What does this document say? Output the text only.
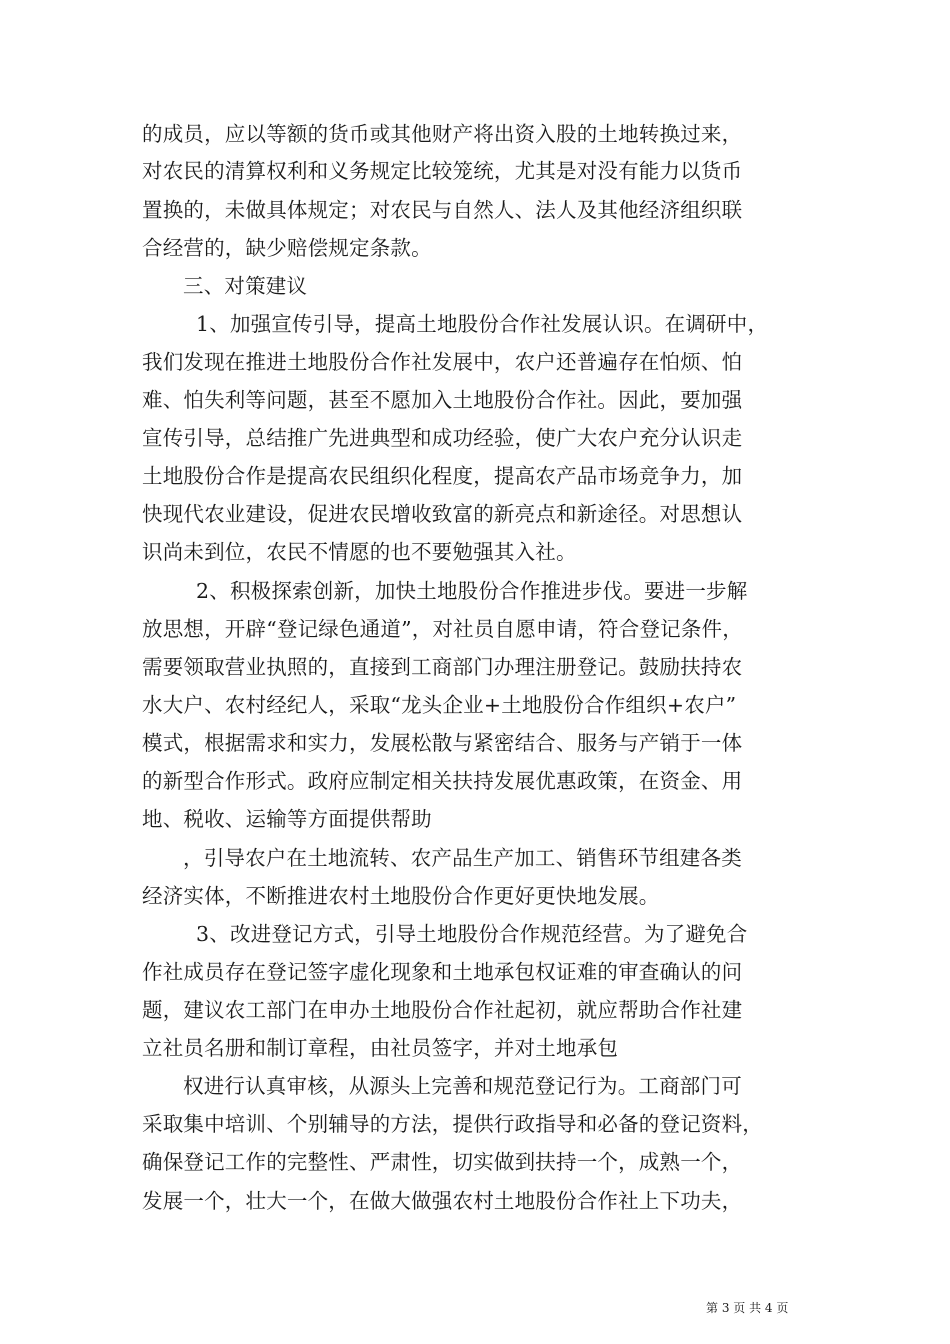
的成员，应以等额的货币或其他财产将出资入股的土地转换过来，
对农民的清算权利和义务规定比较笼统，尤其是对没有能力以货币
置换的，未做具体规定；对农民与自然人、法人及其他经济组织联
合经营的，缺少赔偿规定条款。
三、对策建议
1、加强宣传引导，提高土地股份合作社发展认识。在调研中，
我们发现在推进土地股份合作社发展中，农户还普遍存在怕烦、怕
难、怕失利等问题，甚至不愿加入土地股份合作社。因此，要加强
宣传引导，总结推广先进典型和成功经验，使广大农户充分认识走
土地股份合作是提高农民组织化程度，提高农产品市场竞争力，加
快现代农业建设，促进农民增收致富的新亮点和新途径。对思想认
识尚未到位，农民不情愿的也不要勉强其入社。
2、积极探索创新，加快土地股份合作推进步伐。要进一步解
放思想，开辟“登记绿色通道”，对社员自愿申请，符合登记条件，
需要领取营业执照的，直接到工商部门办理注册登记。鼓励扶持农
水大户、农村经纪人，采取“龙头企业+土地股份合作组织+农户”
模式，根据需求和实力，发展松散与紧密结合、服务与产销于一体
的新型合作形式。政府应制定相关扶持发展优惠政策，在资金、用
地、税收、运输等方面提供帮助
，引导农户在土地流转、农产品生产加工、销售环节组建各类
经济实体，不断推进农村土地股份合作更好更快地发展。
3、改进登记方式，引导土地股份合作规范经营。为了避免合
作社成员存在登记签字虚化现象和土地承包权证难的审查确认的问
题，建议农工部门在申办土地股份合作社起初，就应帮助合作社建
立社员名册和制订章程，由社员签字，并对土地承包
权进行认真审核，从源头上完善和规范登记行为。工商部门可
采取集中培训、个别辅导的方法，提供行政指导和必备的登记资料，
确保登记工作的完整性、严肃性，切实做到扶持一个，成熟一个，
发展一个，壮大一个，在做大做强农村土地股份合作社上下功夫，
第 3 页 共 4 页
